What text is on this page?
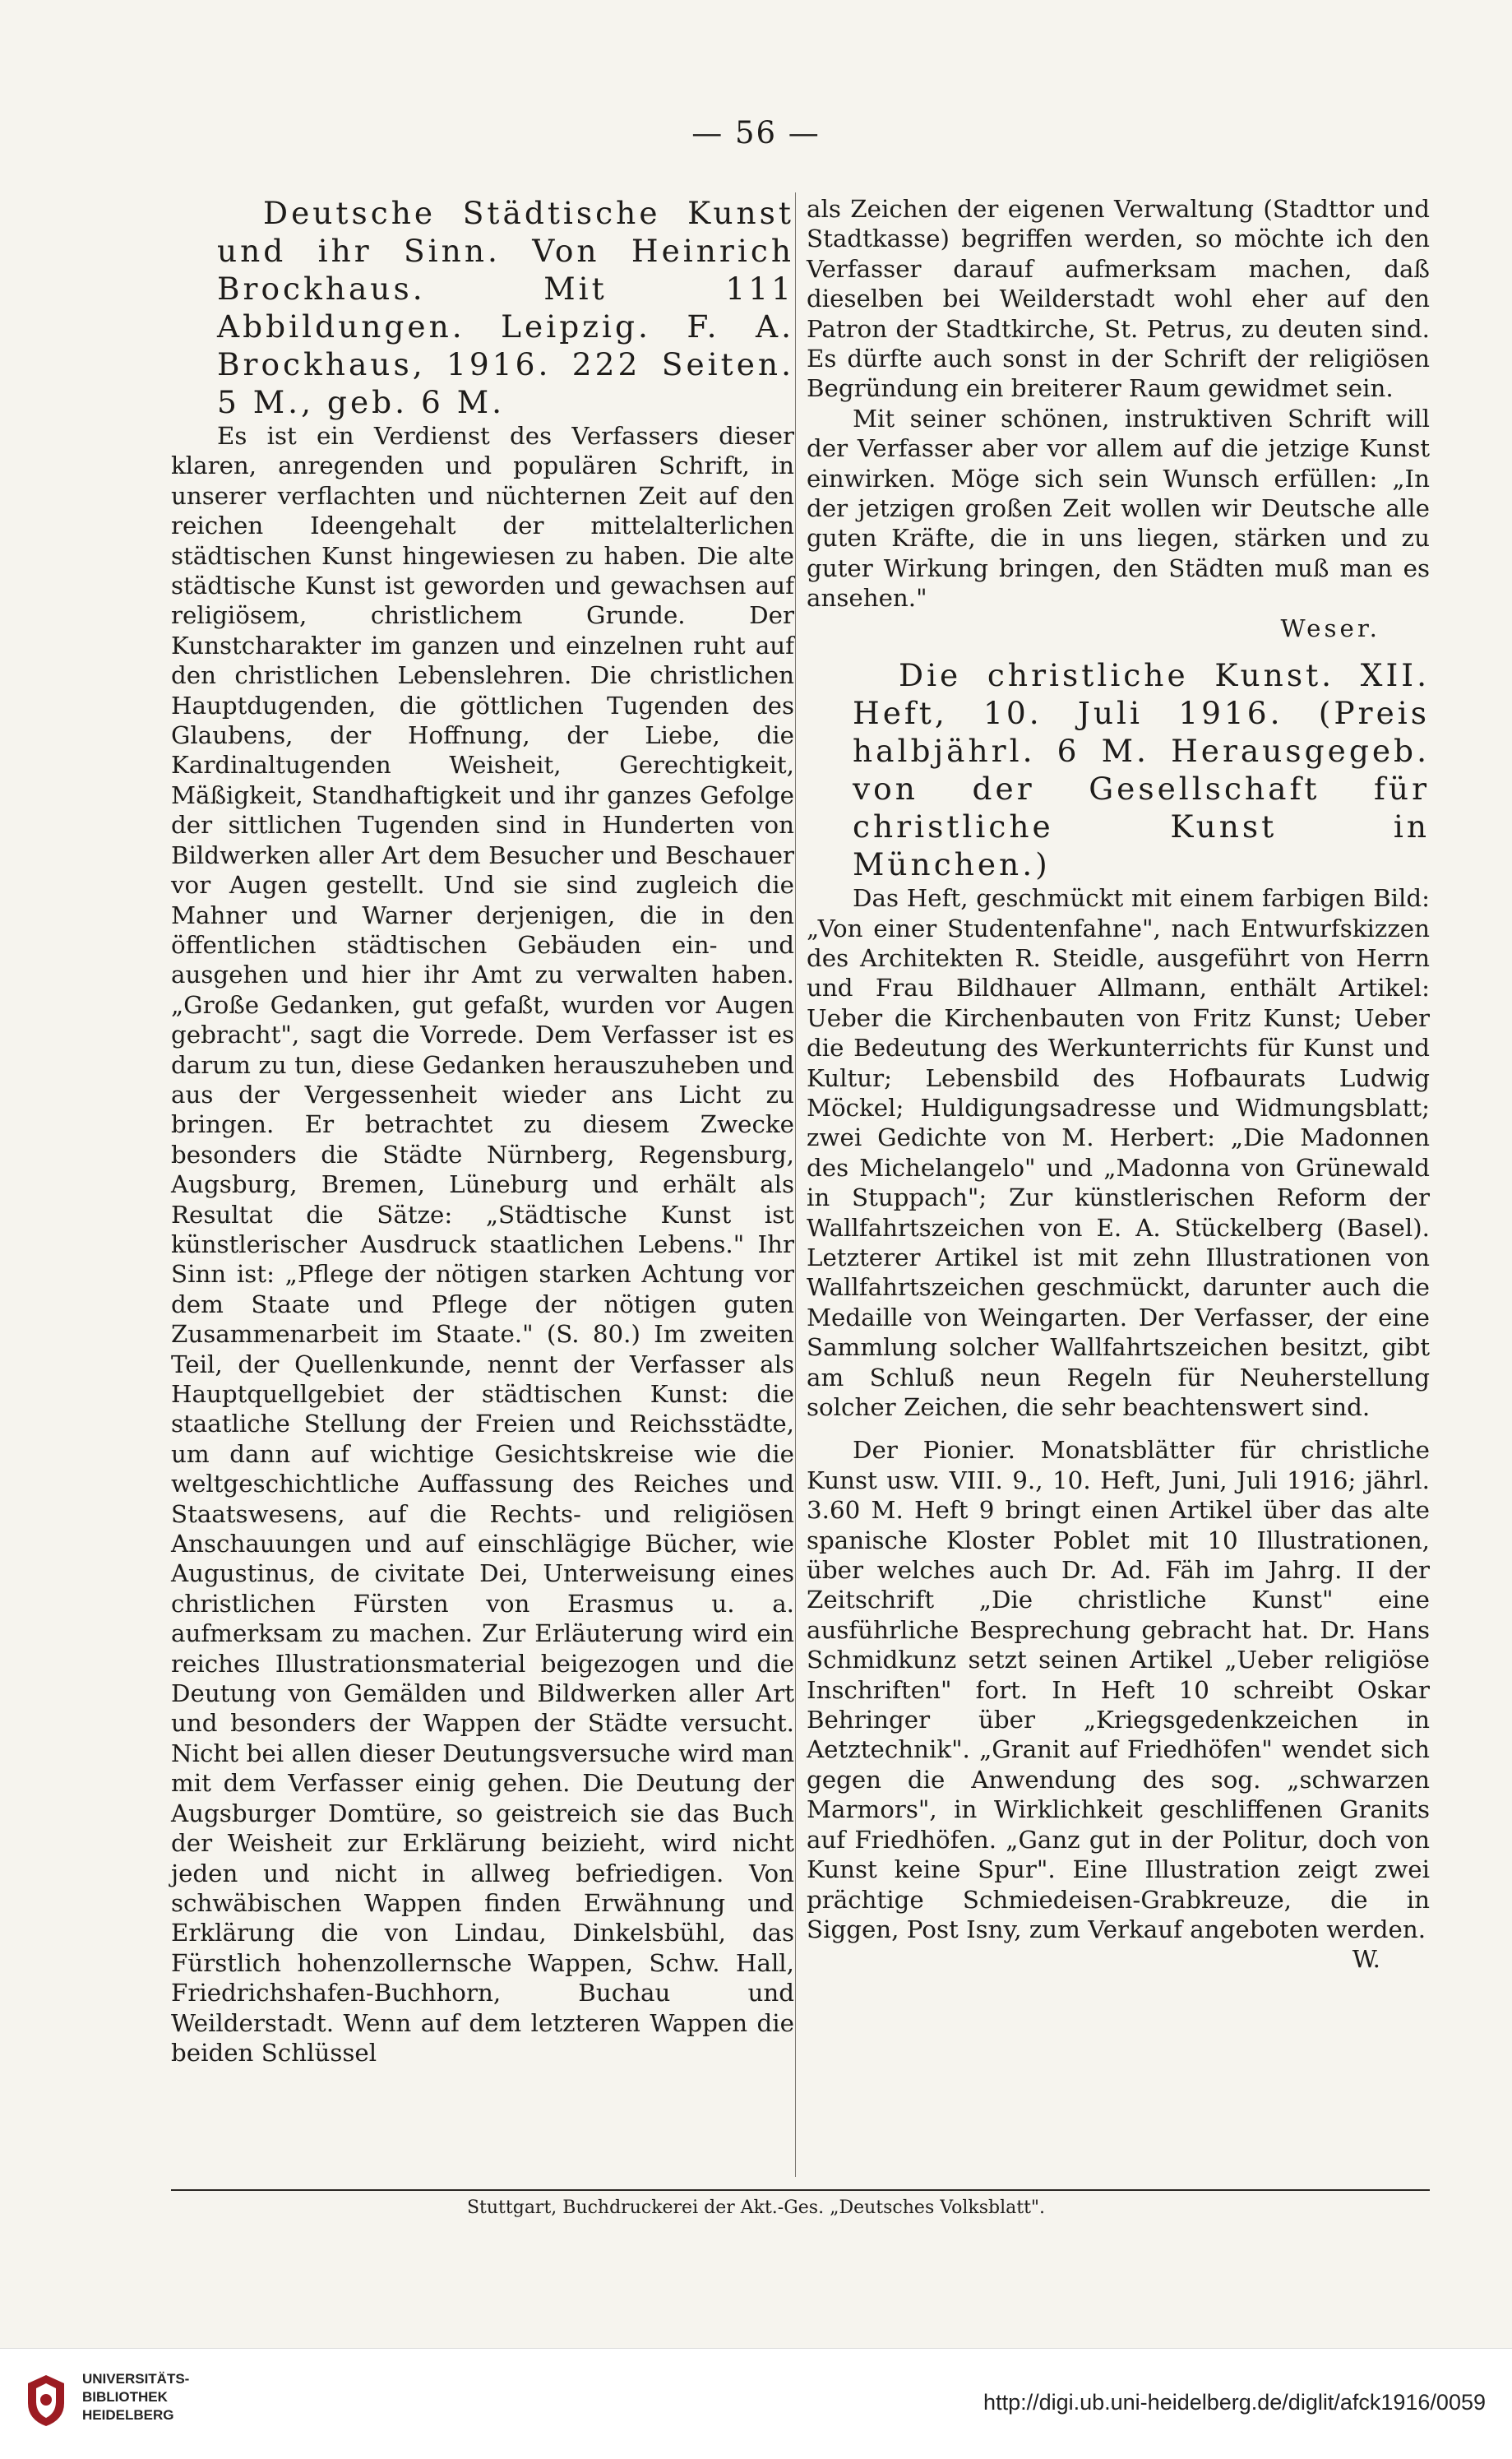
— 56 —

Deutsche Städtische Kunst und ihr Sinn. Von Heinrich Brockhaus. Mit 111 Abbildungen. Leipzig. F. A. Brockhaus, 1916. 222 Seiten. 5 M., geb. 6 M.

Es ist ein Verdienst des Verfassers dieser klaren, anregenden und populären Schrift, in unserer verflachten und nüchternen Zeit auf den reichen Ideengehalt der mittelalterlichen städtischen Kunst hingewiesen zu haben. Die alte städtische Kunst ist geworden und gewachsen auf religiösem, christlichem Grunde. Der Kunstcharakter im ganzen und einzelnen ruht auf den christlichen Lebenslehren. Die christlichen Hauptdugenden, die göttlichen Tugenden des Glaubens, der Hoffnung, der Liebe, die Kardinaltugenden Weisheit, Gerechtigkeit, Mäßigkeit, Standhaftigkeit und ihr ganzes Gefolge der sittlichen Tugenden sind in Hunderten von Bildwerken aller Art dem Besucher und Beschauer vor Augen gestellt. Und sie sind zugleich die Mahner und Warner derjenigen, die in den öffentlichen städtischen Gebäuden ein- und ausgehen und hier ihr Amt zu verwalten haben. „Große Gedanken, gut gefaßt, wurden vor Augen gebracht", sagt die Vorrede. Dem Verfasser ist es darum zu tun, diese Gedanken herauszuheben und aus der Vergessenheit wieder ans Licht zu bringen. Er betrachtet zu diesem Zwecke besonders die Städte Nürnberg, Regensburg, Augsburg, Bremen, Lüneburg und erhält als Resultat die Sätze: „Städtische Kunst ist künstlerischer Ausdruck staatlichen Lebens." Ihr Sinn ist: „Pflege der nötigen starken Achtung vor dem Staate und Pflege der nötigen guten Zusammenarbeit im Staate." (S. 80.) Im zweiten Teil, der Quellenkunde, nennt der Verfasser als Hauptquellgebiet der städtischen Kunst: die staatliche Stellung der Freien und Reichsstädte, um dann auf wichtige Gesichtskreise wie die weltgeschichtliche Auffassung des Reiches und Staatswesens, auf die Rechts- und religiösen Anschauungen und auf einschlägige Bücher, wie Augustinus, de civitate Dei, Unterweisung eines christlichen Fürsten von Erasmus u. a. aufmerksam zu machen. Zur Erläuterung wird ein reiches Illustrationsmaterial beigezogen und die Deutung von Gemälden und Bildwerken aller Art und besonders der Wappen der Städte versucht. Nicht bei allen dieser Deutungsversuche wird man mit dem Verfasser einig gehen. Die Deutung der Augsburger Domtüre, so geistreich sie das Buch der Weisheit zur Erklärung beizieht, wird nicht jeden und nicht in allweg befriedigen. Von schwäbischen Wappen finden Erwähnung und Erklärung die von Lindau, Dinkelsbühl, das Fürstlich hohenzollernsche Wappen, Schw. Hall, Friedrichshafen-Buchhorn, Buchau und Weilderstadt. Wenn auf dem letzteren Wappen die beiden Schlüssel

als Zeichen der eigenen Verwaltung (Stadttor und Stadtkasse) begriffen werden, so möchte ich den Verfasser darauf aufmerksam machen, daß dieselben bei Weilderstadt wohl eher auf den Patron der Stadtkirche, St. Petrus, zu deuten sind. Es dürfte auch sonst in der Schrift der religiösen Begründung ein breiterer Raum gewidmet sein.

Mit seiner schönen, instruktiven Schrift will der Verfasser aber vor allem auf die jetzige Kunst einwirken. Möge sich sein Wunsch erfüllen: „In der jetzigen großen Zeit wollen wir Deutsche alle guten Kräfte, die in uns liegen, stärken und zu guter Wirkung bringen, den Städten muß man es ansehen."

Weser.

Die christliche Kunst. XII. Heft, 10. Juli 1916. (Preis halbjährl. 6 M. Herausgegeb. von der Gesellschaft für christliche Kunst in München.)

Das Heft, geschmückt mit einem farbigen Bild: „Von einer Studentenfahne", nach Entwurfskizzen des Architekten R. Steidle, ausgeführt von Herrn und Frau Bildhauer Allmann, enthält Artikel: Ueber die Kirchenbauten von Fritz Kunst; Ueber die Bedeutung des Werkunterrichts für Kunst und Kultur; Lebensbild des Hofbaurats Ludwig Möckel; Huldigungsadresse und Widmungsblatt; zwei Gedichte von M. Herbert: „Die Madonnen des Michelangelo" und „Madonna von Grünewald in Stuppach"; Zur künstlerischen Reform der Wallfahrtszeichen von E. A. Stückelberg (Basel). Letzterer Artikel ist mit zehn Illustrationen von Wallfahrtszeichen geschmückt, darunter auch die Medaille von Weingarten. Der Verfasser, der eine Sammlung solcher Wallfahrtszeichen besitzt, gibt am Schluß neun Regeln für Neuherstellung solcher Zeichen, die sehr beachtenswert sind.

Der Pionier. Monatsblätter für christliche Kunst usw. VIII. 9., 10. Heft, Juni, Juli 1916; jährl. 3.60 M. Heft 9 bringt einen Artikel über das alte spanische Kloster Poblet mit 10 Illustrationen, über welches auch Dr. Ad. Fäh im Jahrg. II der Zeitschrift „Die christliche Kunst" eine ausführliche Besprechung gebracht hat. Dr. Hans Schmidkunz setzt seinen Artikel „Ueber religiöse Inschriften" fort. In Heft 10 schreibt Oskar Behringer über „Kriegsgedenkzeichen in Aetztechnik". „Granit auf Friedhöfen" wendet sich gegen die Anwendung des sog. „schwarzen Marmors", in Wirklichkeit geschliffenen Granits auf Friedhöfen. „Ganz gut in der Politur, doch von Kunst keine Spur". Eine Illustration zeigt zwei prächtige Schmiedeisen-Grabkreuze, die in Siggen, Post Isny, zum Verkauf angeboten werden.

W.

Stuttgart, Buchdruckerei der Akt.-Ges. „Deutsches Volksblatt".
UNIVERSITÄTS-
BIBLIOTHEK
HEIDELBERG
http://digi.ub.uni-heidelberg.de/diglit/afck1916/0059
